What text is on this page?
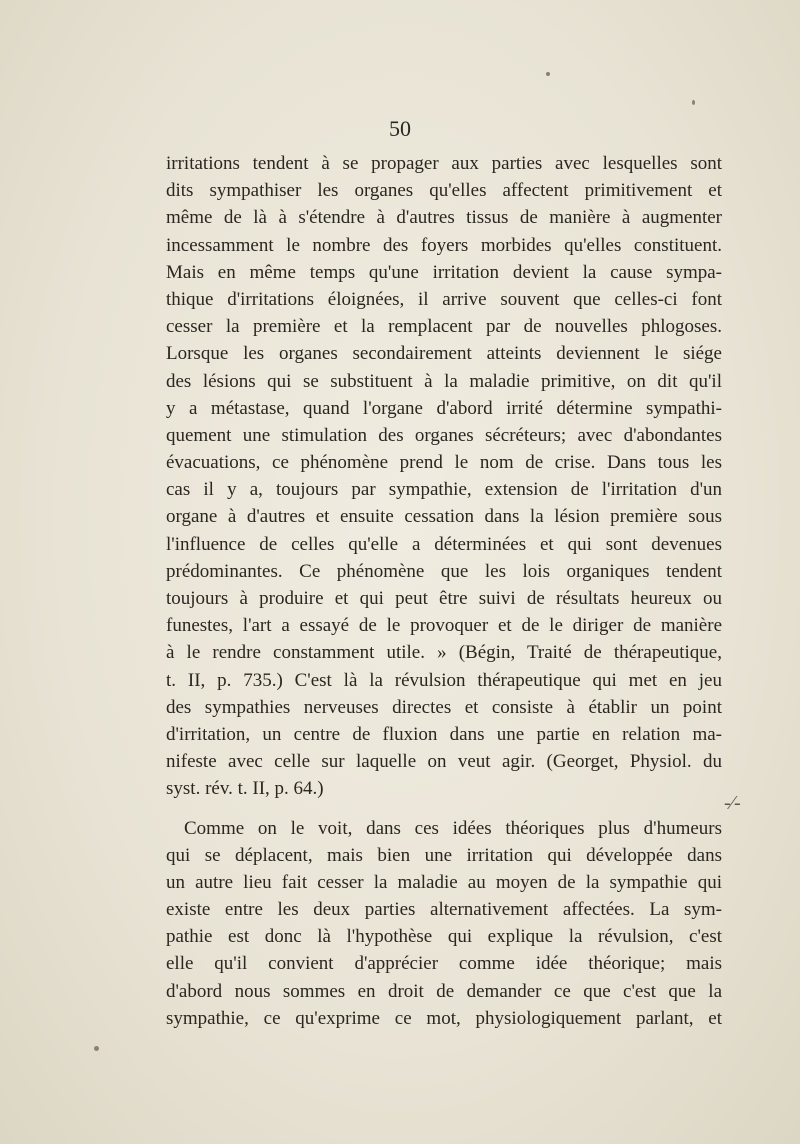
50
irritations tendent à se propager aux parties avec lesquelles sont
dits sympathiser les organes qu'elles affectent primitivement et
même de là à s'étendre à d'autres tissus de manière à augmenter
incessamment le nombre des foyers morbides qu'elles constituent.
Mais en même temps qu'une irritation devient la cause sympa-
thique d'irritations éloignées, il arrive souvent que celles-ci font
cesser la première et la remplacent par de nouvelles phlogoses.
Lorsque les organes secondairement atteints deviennent le siége
des lésions qui se substituent à la maladie primitive, on dit qu'il
y a métastase, quand l'organe d'abord irrité détermine sympathi-
quement une stimulation des organes sécréteurs; avec d'abondantes
évacuations, ce phénomène prend le nom de crise. Dans tous les
cas il y a, toujours par sympathie, extension de l'irritation d'un
organe à d'autres et ensuite cessation dans la lésion première sous
l'influence de celles qu'elle a déterminées et qui sont devenues
prédominantes. Ce phénomène que les lois organiques tendent
toujours à produire et qui peut être suivi de résultats heureux ou
funestes, l'art a essayé de le provoquer et de le diriger de manière
à le rendre constamment utile. » (Bégin, Traité de thérapeutique,
t. II, p. 735.) C'est là la révulsion thérapeutique qui met en jeu
des sympathies nerveuses directes et consiste à établir un point
d'irritation, un centre de fluxion dans une partie en relation ma-
nifeste avec celle sur laquelle on veut agir. (Georget, Physiol. du
syst. rév. t. II, p. 64.)
Comme on le voit, dans ces idées théoriques plus d'humeurs
qui se déplacent, mais bien une irritation qui développée dans
un autre lieu fait cesser la maladie au moyen de la sympathie qui
existe entre les deux parties alternativement affectées. La sym-
pathie est donc là l'hypothèse qui explique la révulsion, c'est
elle qu'il convient d'apprécier comme idée théorique; mais
d'abord nous sommes en droit de demander ce que c'est que la
sympathie, ce qu'exprime ce mot, physiologiquement parlant, et
-⁄-
